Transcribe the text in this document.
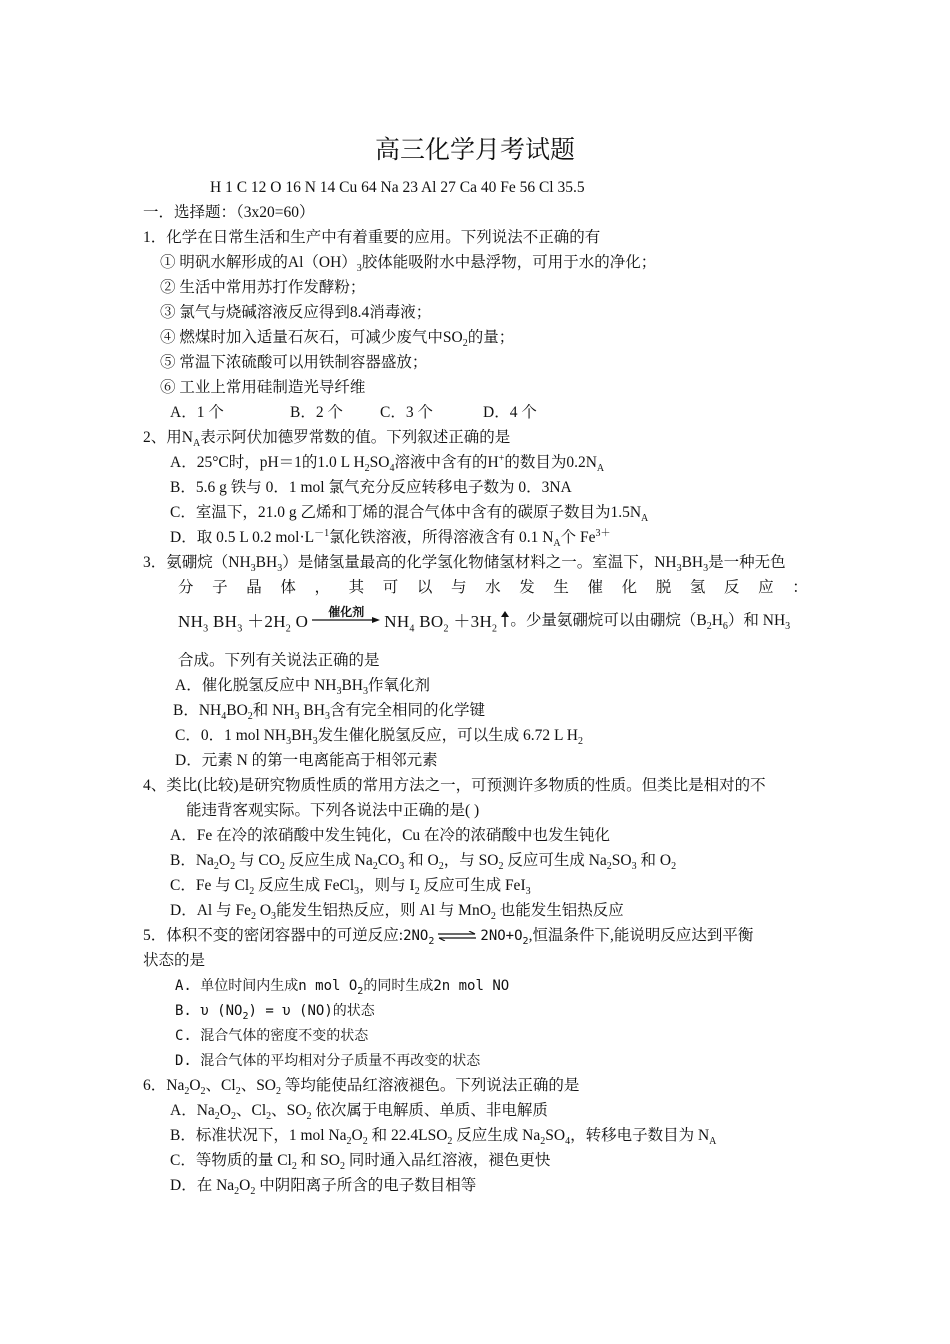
高三化学月考试题
H 1 C 12 O 16 N 14 Cu 64 Na 23 Al 27 Ca 40 Fe 56 Cl 35.5
一．选择题：（3x20=60）
1．化学在日常生活和生产中有着重要的应用。下列说法不正确的有
① 明矾水解形成的$Al(OH)_3$胶体能吸附水中悬浮物，可用于水的净化；
② 生活中常用苏打作发酵粉；
③ 氯气与烧碱溶液反应得到8.4消毒液；
④ 燃煤时加入适量石灰石，可减少废气中$SO_2$的量；
⑤ 常温下浓硫酸可以用铁制容器盛放；
⑥ 工业上常用硅制造光导纤维
A．1 个	B．2 个 C．3 个	D．4 个
2、用$N_A$表示阿伏加德罗常数的值。下列叙述正确的是
A．25°C时，pH＝1的1.0 L $H_2SO_4$溶液中含有的H+的数目为$0.2N_A$
B．5.6 g 铁与 0．1 mol 氯气充分反应转移电子数为 0．3NA
C．室温下，21.0 g 乙烯和丁烯的混合气体中含有的碳原子数目为$1.5N_A$
D．取 0.5 L 0.2 $mol\cdot L^{-1}$氯化铁溶液，所得溶液含有 0.1 $N_A$个 $Fe^{3+}$
3．氨硼烷$(NH_3BH_3)$是储氢量最高的化学氢化物储氢材料之一。室温下，$NH_3BH_3$是一种无色
分 子 晶 体 ， 其 可 以 与 水 发 生 催 化 脱 氢 反 应 ：
$NH_3$ $BH_3 +2H_2$ O	催化剂	$NH_4$ $BO_2 +3H_2$ 。少量氨硼烷可以由硼烷$(B_2H_6)$和 $NH_3$
合成。下列有关说法正确的是
A．催化脱氢反应中 $NH_3BH_3$作氧化剂
B．$NH_4BO_2$和 $NH_3$ $BH_3$含有完全相同的化学键
C．0．1 mol $NH_3BH_3$发生催化脱氢反应，可以生成 6.72 L $H_2$
D．元素 N 的第一电离能高于相邻元素
4、类比(比较)是研究物质性质的常用方法之一，可预测许多物质的性质。但类比是相对的不
能违背客观实际。下列各说法中正确的是( )
A．Fe 在冷的浓硝酸中发生钝化，Cu 在冷的浓硝酸中也发生钝化
B．$Na_2O_2$ 与 $CO_2$ 反应生成 $Na_2CO_3$ 和 $O_2$，与 $SO_2$ 反应可生成 $Na_2SO_3$ 和 $O_2$
C．Fe 与 $Cl_2$ 反应生成 FeCl$_3$，则与 $I_2$ 反应可生成 FeI$_3$
D．Al 与 $Fe_2$ $O_3$能发生铝热反应，则 Al 与 MnO$_2$ 也能发生铝热反应
5．体积不变的密闭容器中的可逆反应$:2NO_2$ ⇌ $2NO+O_2$,恒温条件下,能说明反应达到平衡
状态的是
A. 单位时间内生成n mol $O_2$的同时生成2n mol NO
B. υ $(NO_2) = \upsilon$ (NO)的状态
C. 混合气体的密度不变的状态
D. 混合气体的平均相对分子质量不再改变的状态
6．$Na_2O_2$、$Cl_2$、$SO_2$ 等均能使品红溶液褪色。下列说法正确的是
A．$Na_2O_2$、$Cl_2$、$SO_2$ 依次属于电解质、单质、非电解质
B．标准状况下，1 mol $Na_2O_2$ 和 $22.4LSO_2$ 反应生成 $Na_2SO_4$，转移电子数目为 $N_A$
C．等物质的量 $Cl_2$ 和 $SO_2$ 同时通入品红溶液，褪色更快
D．在 $Na_2O_2$ 中阴阳离子所含的电子数目相等
